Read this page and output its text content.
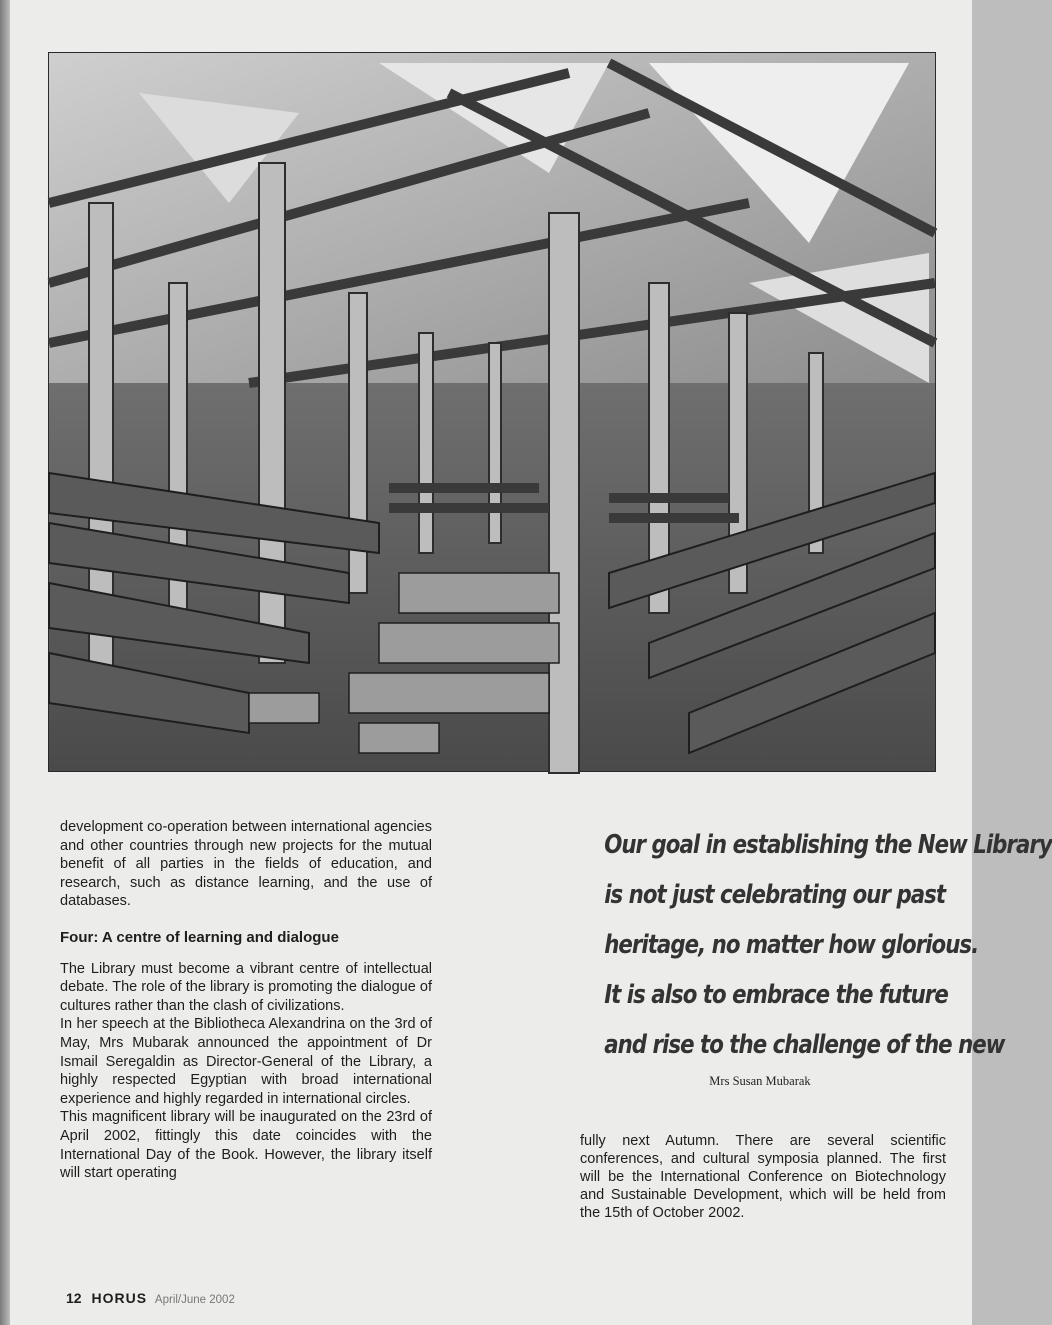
development co-operation between international agencies and other countries through new projects for the mutual benefit of all parties in the fields of education, and research, such as distance learning, and the use of databases.

Four: A centre of learning and dialogue

The Library must become a vibrant centre of intellectual debate. The role of the library is promoting the dialogue of cultures rather than the clash of civilizations.

In her speech at the Bibliotheca Alexandrina on the 3rd of May, Mrs Mubarak announced the appointment of Dr Ismail Seregaldin as Director-General of the Library, a highly respected Egyptian with broad international experience and highly regarded in international circles.

This magnificent library will be inaugurated on the 23rd of April 2002, fittingly this date coincides with the International Day of the Book. However, the library itself will start operating

Our goal in establishing the New Library
is not just celebrating our past
heritage, no matter how glorious.
It is also to embrace the future
and rise to the challenge of the new
Mrs Susan Mubarak

fully next Autumn. There are several scientific conferences, and cultural symposia planned. The first will be the International Conference on Biotechnology and Sustainable Development, which will be held from the 15th of October 2002.

12 HORUS April/June 2002
